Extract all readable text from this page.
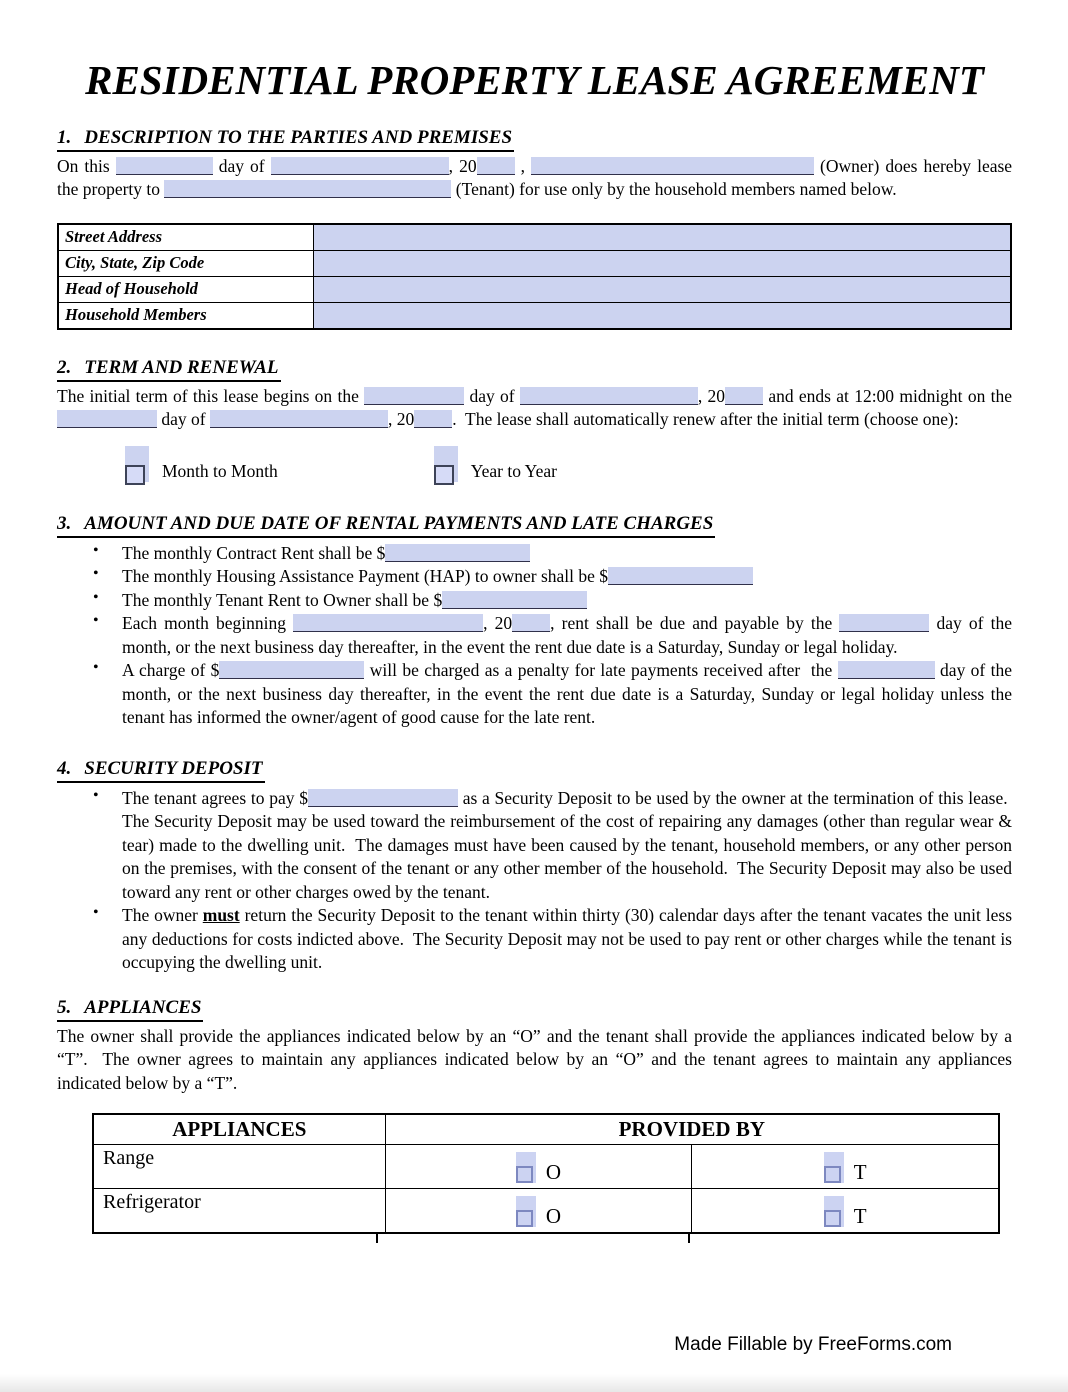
RESIDENTIAL PROPERTY LEASE AGREEMENT
1. DESCRIPTION TO THE PARTIES AND PREMISES

On this	day of	, 20	,	(Owner) does hereby lease the property to	(Tenant) for use only by the household members named below.

Street Address	
City, State, Zip Code	
Head of Household	
Household Members	
2. TERM AND RENEWAL

The initial term of this lease begins on the	day of	, 20 and ends at 12:00 midnight on the  day of	, 20 .  The lease shall automatically renew after the initial term (choose one):

Month to Month	Year to Year
3. AMOUNT AND DUE DATE OF RENTAL PAYMENTS AND LATE CHARGES
•
The monthly Contract Rent shall be $
•
The monthly Housing Assistance Payment (HAP) to owner shall be $
•
The monthly Tenant Rent to Owner shall be $
•
Each month beginning	, 20 , rent shall be due and payable by the	day of the month, or the next business day thereafter, in the event the rent due date is a Saturday, Sunday or legal holiday.
•
A charge of $	will be charged as a penalty for late payments received after  the	day of the month, or the next business day thereafter, in the event the rent due date is a Saturday, Sunday or legal holiday unless the tenant has informed the owner/agent of good cause for the late rent.
4. SECURITY DEPOSIT
•
The tenant agrees to pay $	as a Security Deposit to be used by the owner at the termination of this lease.  The Security Deposit may be used toward the reimbursement of the cost of repairing any damages (other than regular wear & tear) made to the dwelling unit.  The damages must have been caused by the tenant, household members, or any other person on the premises, with the consent of the tenant or any other member of the household.  The Security Deposit may also be used toward any rent or other charges owed by the tenant.
•
The owner must return the Security Deposit to the tenant within thirty (30) calendar days after the tenant vacates the unit less any deductions for costs indicted above.  The Security Deposit may not be used to pay rent or other charges while the tenant is occupying the dwelling unit.
5. APPLIANCES

The owner shall provide the appliances indicated below by an “O” and the tenant shall provide the appliances indicated below by a “T”.  The owner agrees to maintain any appliances indicated below by an “O” and the tenant agrees to maintain any appliances indicated below by a “T”.

APPLIANCES	PROVIDED BY	
Range	O	T

Refrigerator	O	T
Made Fillable by FreeForms.com
